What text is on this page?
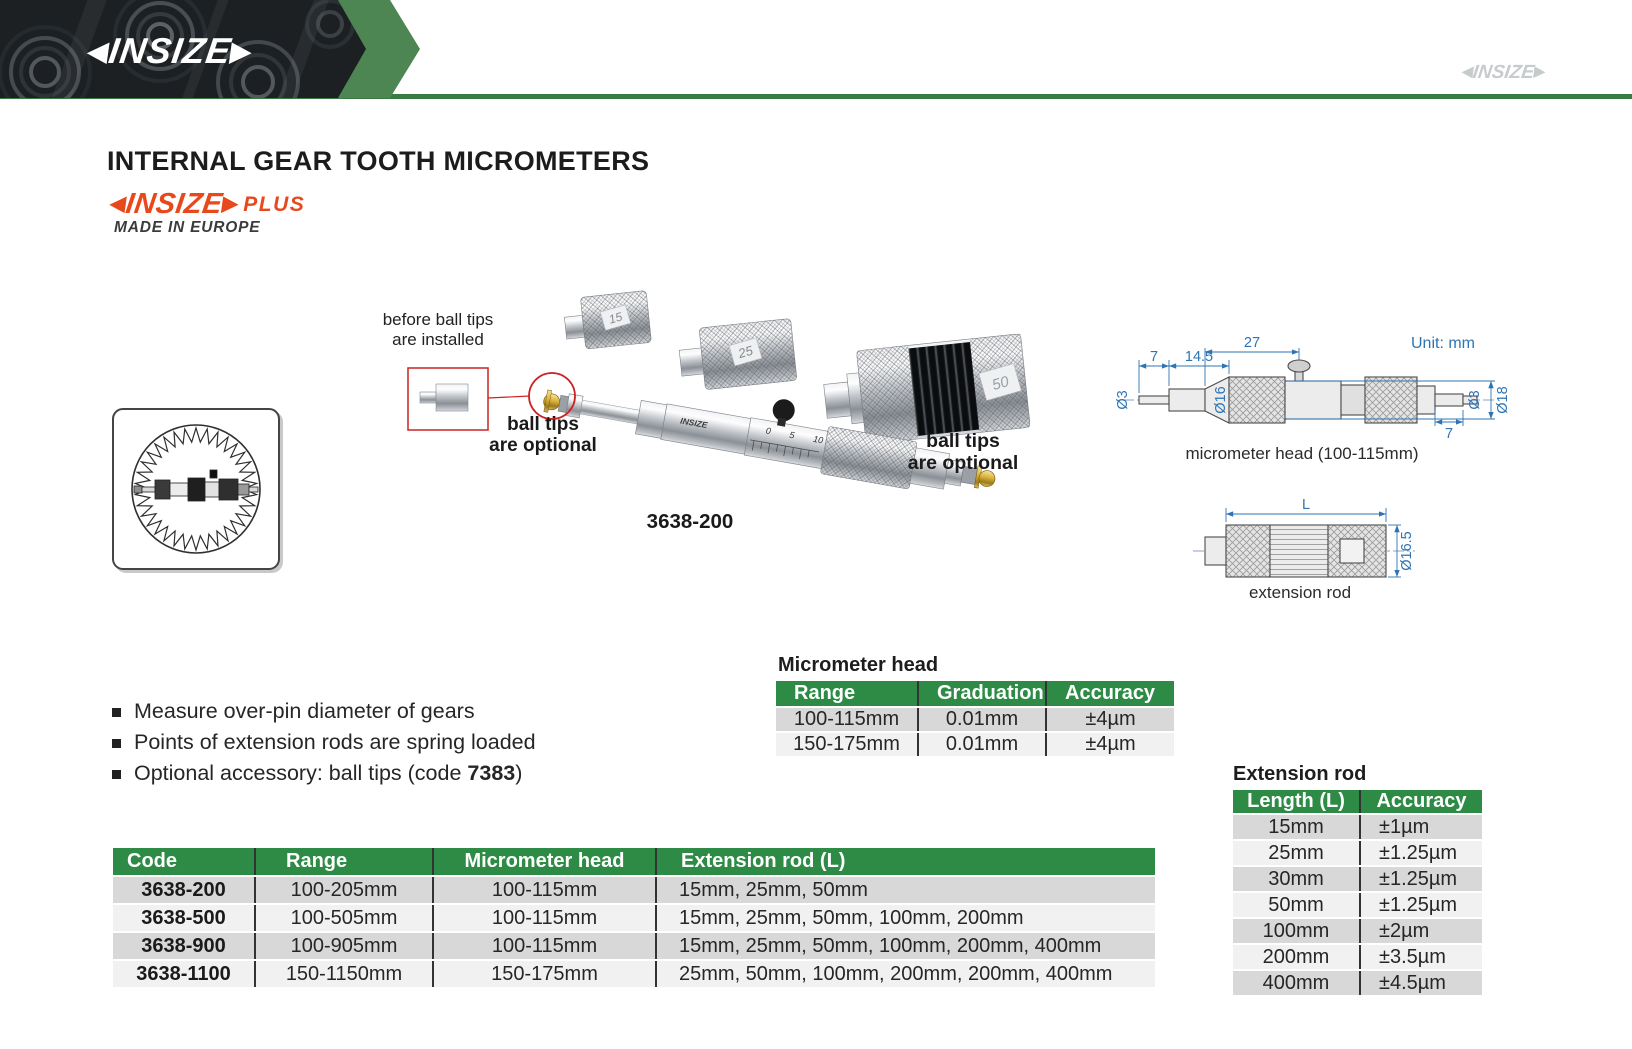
◀INSIZE▶
◀INSIZE▶
INTERNAL GEAR TOOTH MICROMETERS
◀INSIZE▶ PLUS
MADE IN EUROPE
15
25
50
INSIZE
10
5
0
before ball tips
are installed
ball tips
are optional	ball tips
are optional
3638-200
Unit: mm
27
7 14.5
Ø3	Ø16
7
Ø3 Ø18
L
Ø16.5
micrometer head (100-115mm)
extension rod
Measure over-pin diameter of gears
Points of extension rods are spring loaded
Optional accessory: ball tips (code 7383)
Micrometer head
Range	Graduation	Accuracy
100-115mm	0.01mm	±4µm
150-175mm	0.01mm	±4µm
Extension rod
Length (L)	Accuracy
15mm	±1µm
25mm	±1.25µm
30mm	±1.25µm
50mm	±1.25µm
100mm	±2µm
200mm	±3.5µm
400mm	±4.5µm
Code	Range	Micrometer head	Extension rod (L)
3638-200	100-205mm	100-115mm	15mm, 25mm, 50mm
3638-500	100-505mm	100-115mm	15mm, 25mm, 50mm, 100mm, 200mm
3638-900	100-905mm	100-115mm	15mm, 25mm, 50mm, 100mm, 200mm, 400mm
3638-1100	150-1150mm	150-175mm	25mm, 50mm, 100mm, 200mm, 200mm, 400mm
